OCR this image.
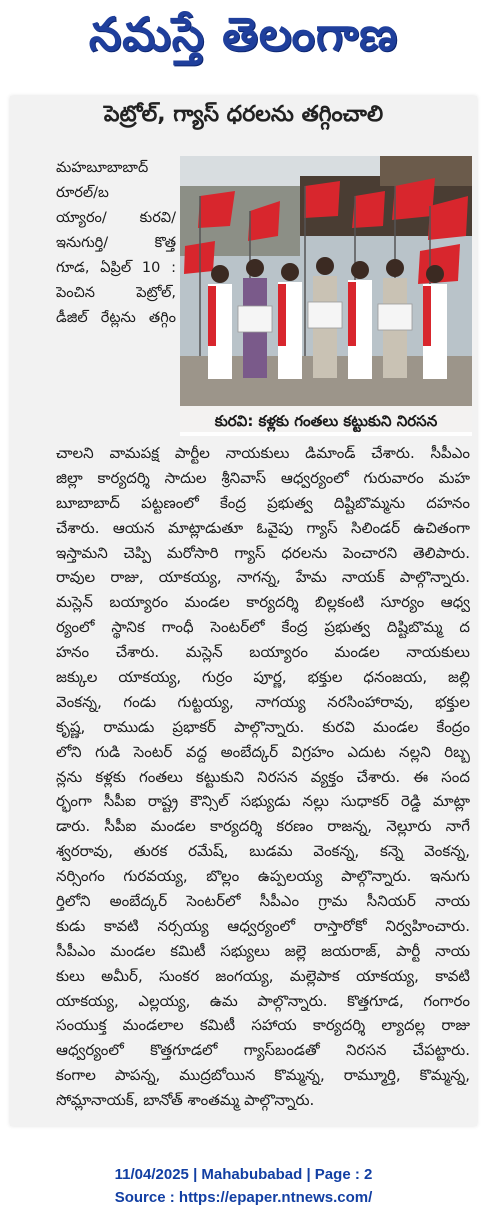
నమస్తే తెలంగాణ
పెట్రోల్, గ్యాస్ ధరలను తగ్గించాలి
మహబూబాబాద్
రూరల్/బ
య్యారం/ కురవి/
ఇనుగుర్తి/ కొత్త
గూడ, ఏప్రిల్ 10 :
పెంచిన పెట్రోల్,
డీజిల్ రేట్లను తగ్గిం
కురవి: కళ్లకు గంతలు కట్టుకుని నిరసన
చాలని వామపక్ష పార్టీల నాయకులు డిమాండ్ చేశారు. సీపీఎం
జిల్లా కార్యదర్శి సాదుల శ్రీనివాస్ ఆధ్వర్యంలో గురువారం మహ
బూబాబాద్ పట్టణంలో కేంద్ర ప్రభుత్వ దిష్టిబొమ్మను దహనం
చేశారు. ఆయన మాట్లాడుతూ ఓవైపు గ్యాస్ సిలిండర్ ఉచితంగా
ఇస్తామని చెప్పి మరోసారి గ్యాస్ ధరలను పెంచారని తెలిపారు.
రావుల రాజు, యాకయ్య, నాగన్న, హేమ నాయక్ పాల్గొన్నారు.
మస్లెన్ బయ్యారం మండల కార్యదర్శి బిల్లకంటి సూర్యం ఆధ్వ
ర్యంలో స్థానిక గాంధీ సెంటర్‌లో కేంద్ర ప్రభుత్వ దిష్టిబొమ్మ ద
హనం చేశారు. మస్లెన్ బయ్యారం మండల నాయకులు
జక్కుల యాకయ్య, గుర్రం పూర్ణ, భక్తుల ధనంజయ, జల్లి
వెంకన్న, గండు గుట్టయ్య, నాగయ్య నరసింహారావు, భక్తుల
కృష్ణ, రాముడు ప్రభాకర్ పాల్గొన్నారు. కురవి మండల కేంద్రం
లోని గుడి సెంటర్ వద్ద అంబేద్కర్ విగ్రహం ఎదుట నల్లని రిబ్బ
న్లను కళ్లకు గంతలు కట్టుకుని నిరసన వ్యక్తం చేశారు. ఈ సంద
ర్భంగా సీపీఐ రాష్ట్ర కౌన్సిల్ సభ్యుడు నల్లు సుధాకర్ రెడ్డి మాట్లా
డారు. సీపీఐ మండల కార్యదర్శి కరణం రాజన్న, నెల్లూరు నాగే
శ్వరరావు, తురక రమేష్, బుడమ వెంకన్న, కన్నె వెంకన్న,
నర్సింగం గురవయ్య, బొల్లం ఉప్పలయ్య పాల్గొన్నారు. ఇనుగు
ర్తిలోని అంబేద్కర్ సెంటర్‌లో సీపీఎం గ్రామ సీనియర్ నాయ
కుడు కావటి నర్సయ్య ఆధ్వర్యంలో రాస్తారోకో నిర్వహించారు.
సీపీఎం మండల కమిటీ సభ్యులు జల్లె జయరాజ్, పార్టీ నాయ
కులు అమీర్, సుంకర జంగయ్య, మల్లెపాక యాకయ్య, కావటి
యాకయ్య, ఎల్లయ్య, ఉమ పాల్గొన్నారు. కొత్తగూడ, గంగారం
సంయుక్త మండలాల కమిటీ సహాయ కార్యదర్శి ల్యాదల్ల రాజు
ఆధ్వర్యంలో కొత్తగూడలో గ్యాస్‌బండతో నిరసన చేపట్టారు.
కంగాల పాపన్న, ముద్రబోయిన కొమ్మన్న, రామ్మూర్తి, కొమ్మన్న,
సోమ్లానాయక్, బానోత్ శాంతమ్మ పాల్గొన్నారు.
11/04/2025 | Mahabubabad | Page : 2
Source : https://epaper.ntnews.com/
